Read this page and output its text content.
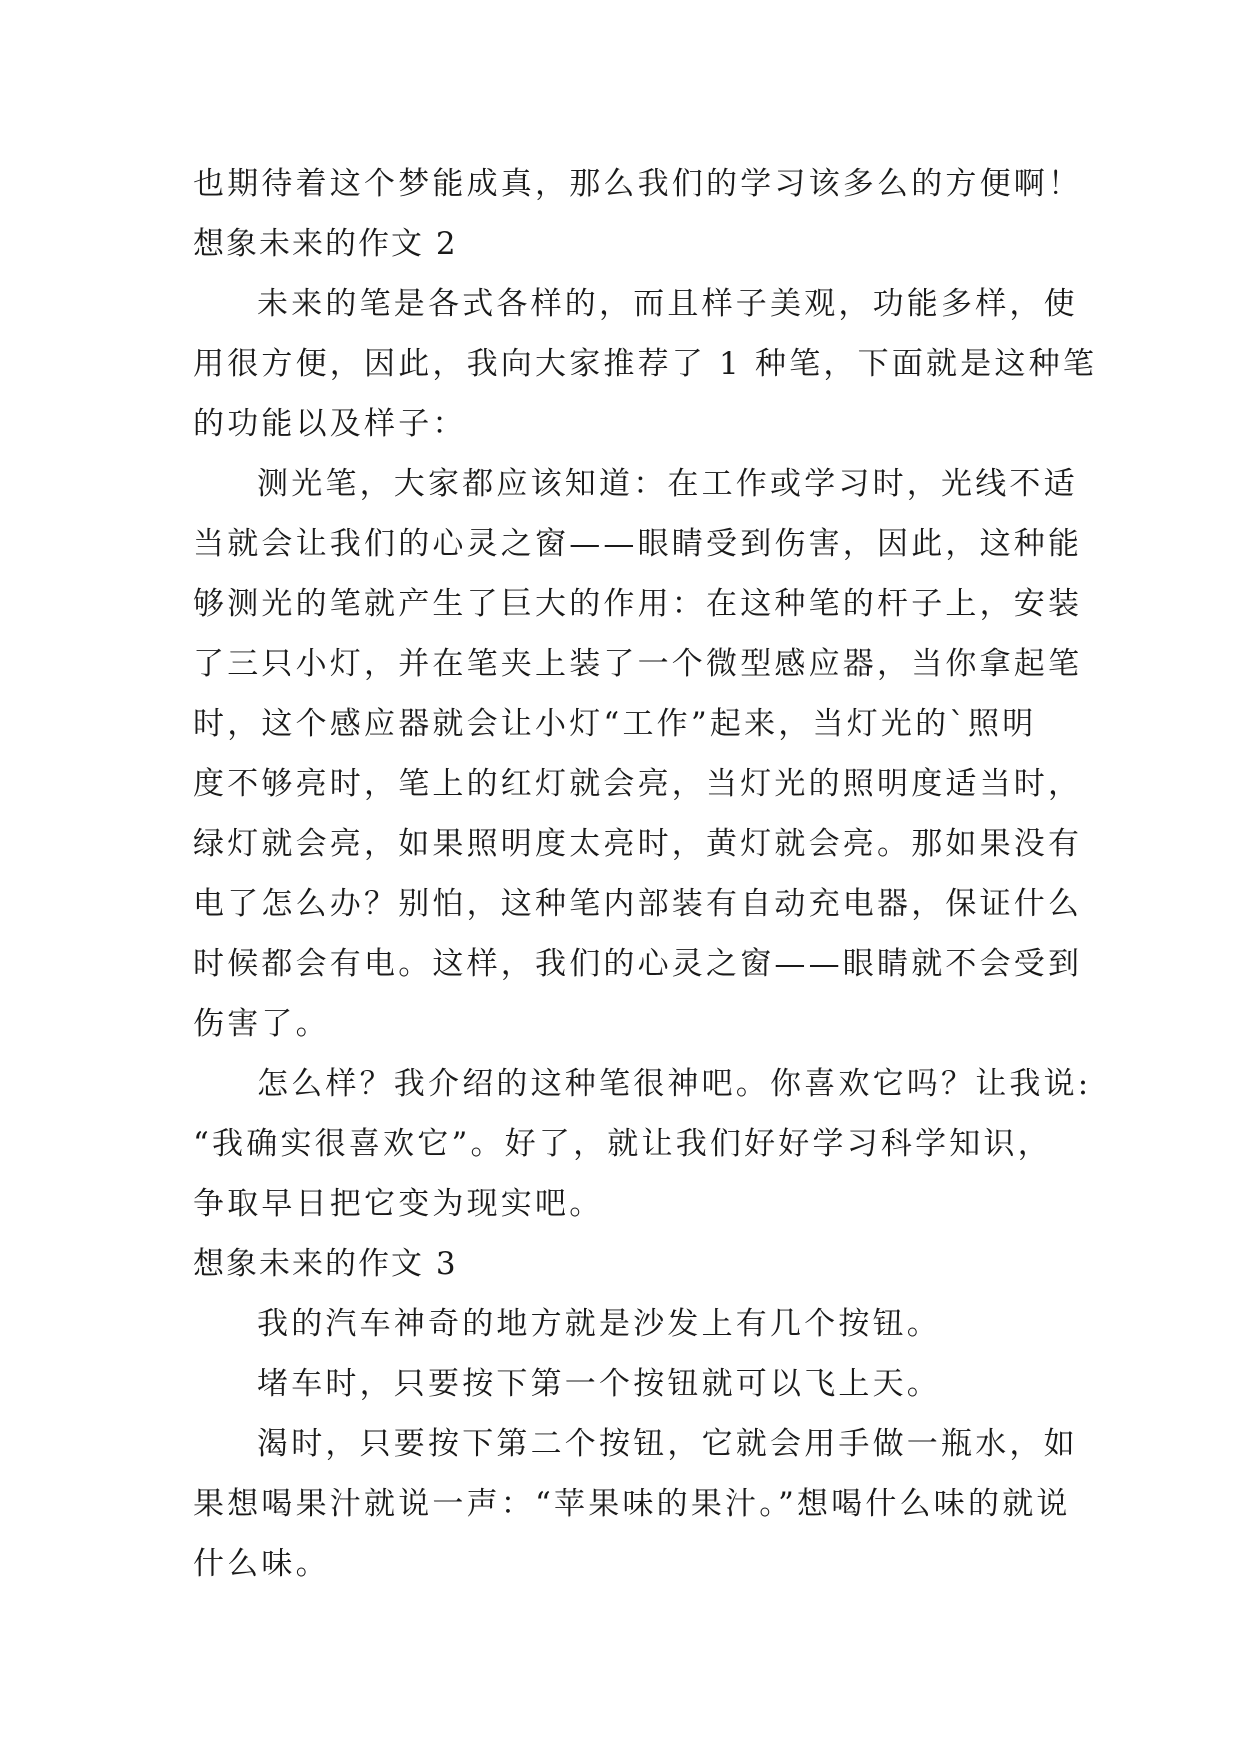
也期待着这个梦能成真，那么我们的学习该多么的方便啊！
想象未来的作文 2
未来的笔是各式各样的，而且样子美观，功能多样，使
用很方便，因此，我向大家推荐了 1 种笔，下面就是这种笔
的功能以及样子：
测光笔，大家都应该知道：在工作或学习时，光线不适
当就会让我们的心灵之窗——眼睛受到伤害，因此，这种能
够测光的笔就产生了巨大的作用：在这种笔的杆子上，安装
了三只小灯，并在笔夹上装了一个微型感应器，当你拿起笔
时，这个感应器就会让小灯“工作”起来，当灯光的`照明
度不够亮时，笔上的红灯就会亮，当灯光的照明度适当时，
绿灯就会亮，如果照明度太亮时，黄灯就会亮。那如果没有
电了怎么办？别怕，这种笔内部装有自动充电器，保证什么
时候都会有电。这样，我们的心灵之窗——眼睛就不会受到
伤害了。
怎么样？我介绍的这种笔很神吧。你喜欢它吗？让我说:
“我确实很喜欢它”。好了，就让我们好好学习科学知识，
争取早日把它变为现实吧。
想象未来的作文 3
我的汽车神奇的地方就是沙发上有几个按钮。
堵车时，只要按下第一个按钮就可以飞上天。
渴时，只要按下第二个按钮，它就会用手做一瓶水，如
果想喝果汁就说一声：“苹果味的果汁。”想喝什么味的就说
什么味。
